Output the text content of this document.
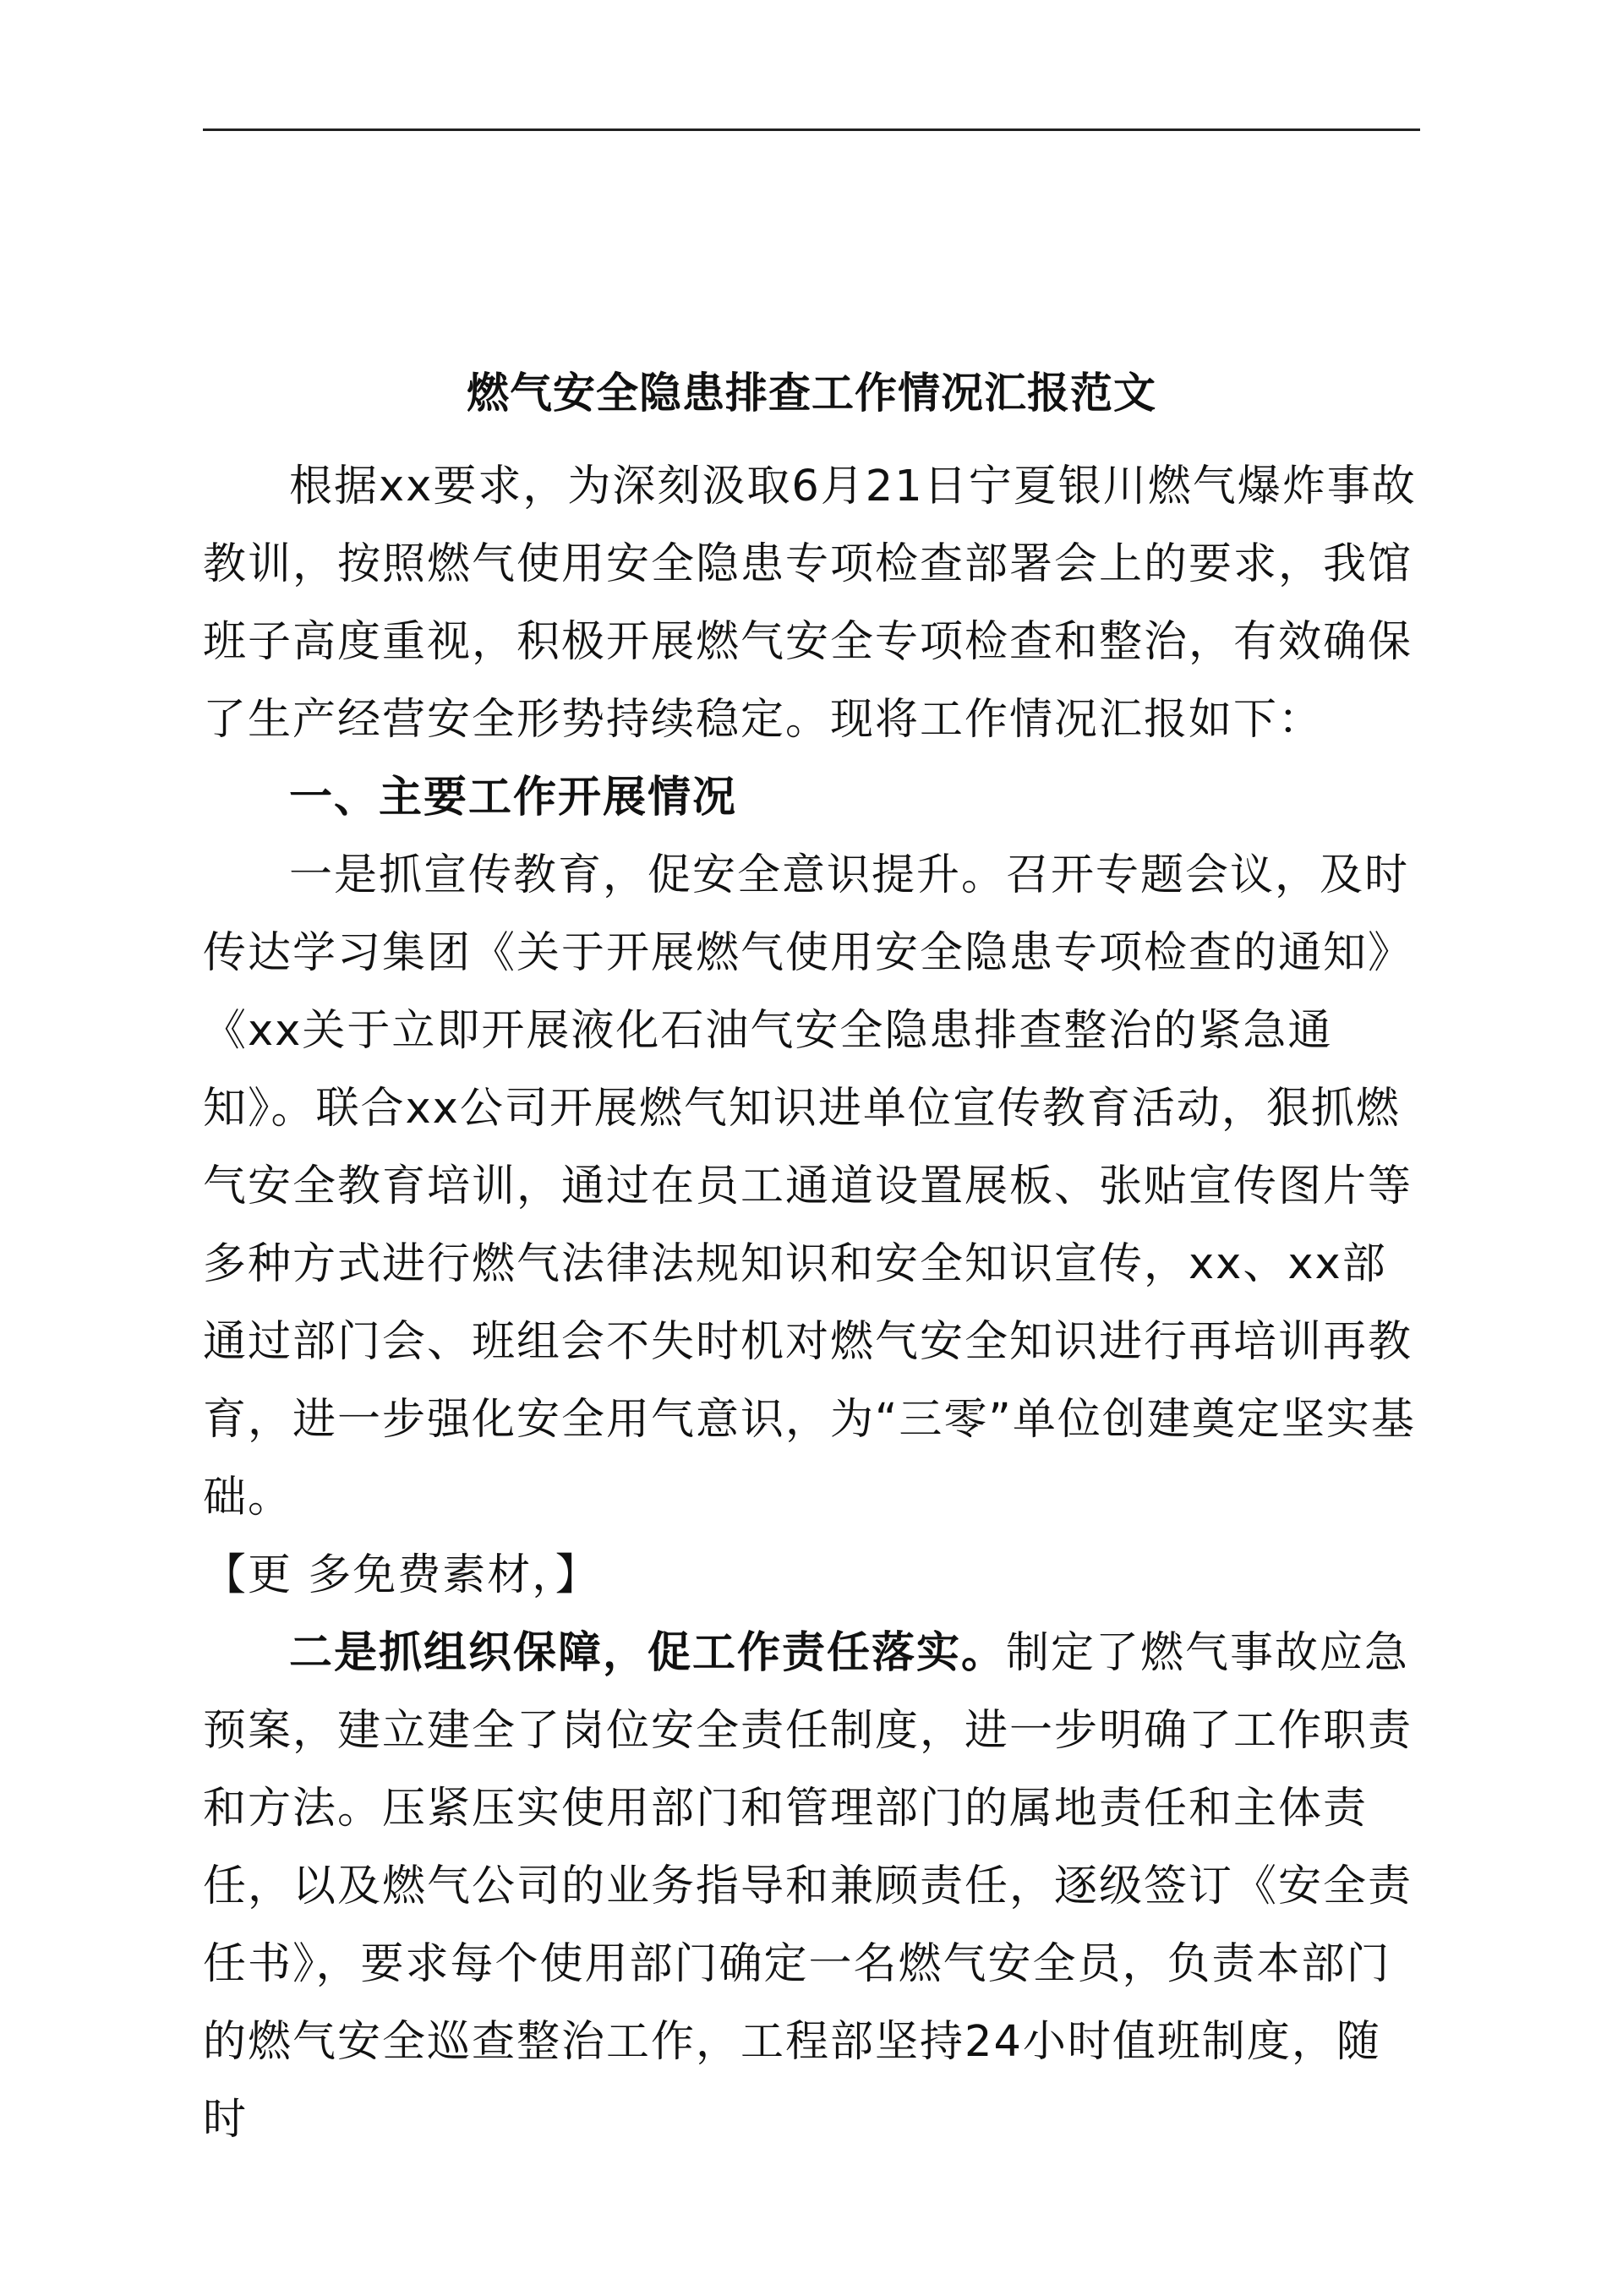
燃气安全隐患排查工作情况汇报范文

根据xx要求，为深刻汲取6月21日宁夏银川燃气爆炸事故教训，按照燃气使用安全隐患专项检查部署会上的要求，我馆班子高度重视，积极开展燃气安全专项检查和整治，有效确保了生产经营安全形势持续稳定。现将工作情况汇报如下：

一、主要工作开展情况

一是抓宣传教育，促安全意识提升。召开专题会议，及时传达学习集团《关于开展燃气使用安全隐患专项检查的通知》《xx关于立即开展液化石油气安全隐患排查整治的紧急通知》。联合xx公司开展燃气知识进单位宣传教育活动，狠抓燃气安全教育培训，通过在员工通道设置展板、张贴宣传图片等多种方式进行燃气法律法规知识和安全知识宣传，xx、xx部通过部门会、班组会不失时机对燃气安全知识进行再培训再教育，进一步强化安全用气意识，为“三零”单位创建奠定坚实基础。

【更 多免费素材，】

二是抓组织保障，促工作责任落实。制定了燃气事故应急预案，建立建全了岗位安全责任制度，进一步明确了工作职责和方法。压紧压实使用部门和管理部门的属地责任和主体责任，以及燃气公司的业务指导和兼顾责任，逐级签订《安全责任书》，要求每个使用部门确定一名燃气安全员，负责本部门的燃气安全巡查整治工作，工程部坚持24小时值班制度，随时
